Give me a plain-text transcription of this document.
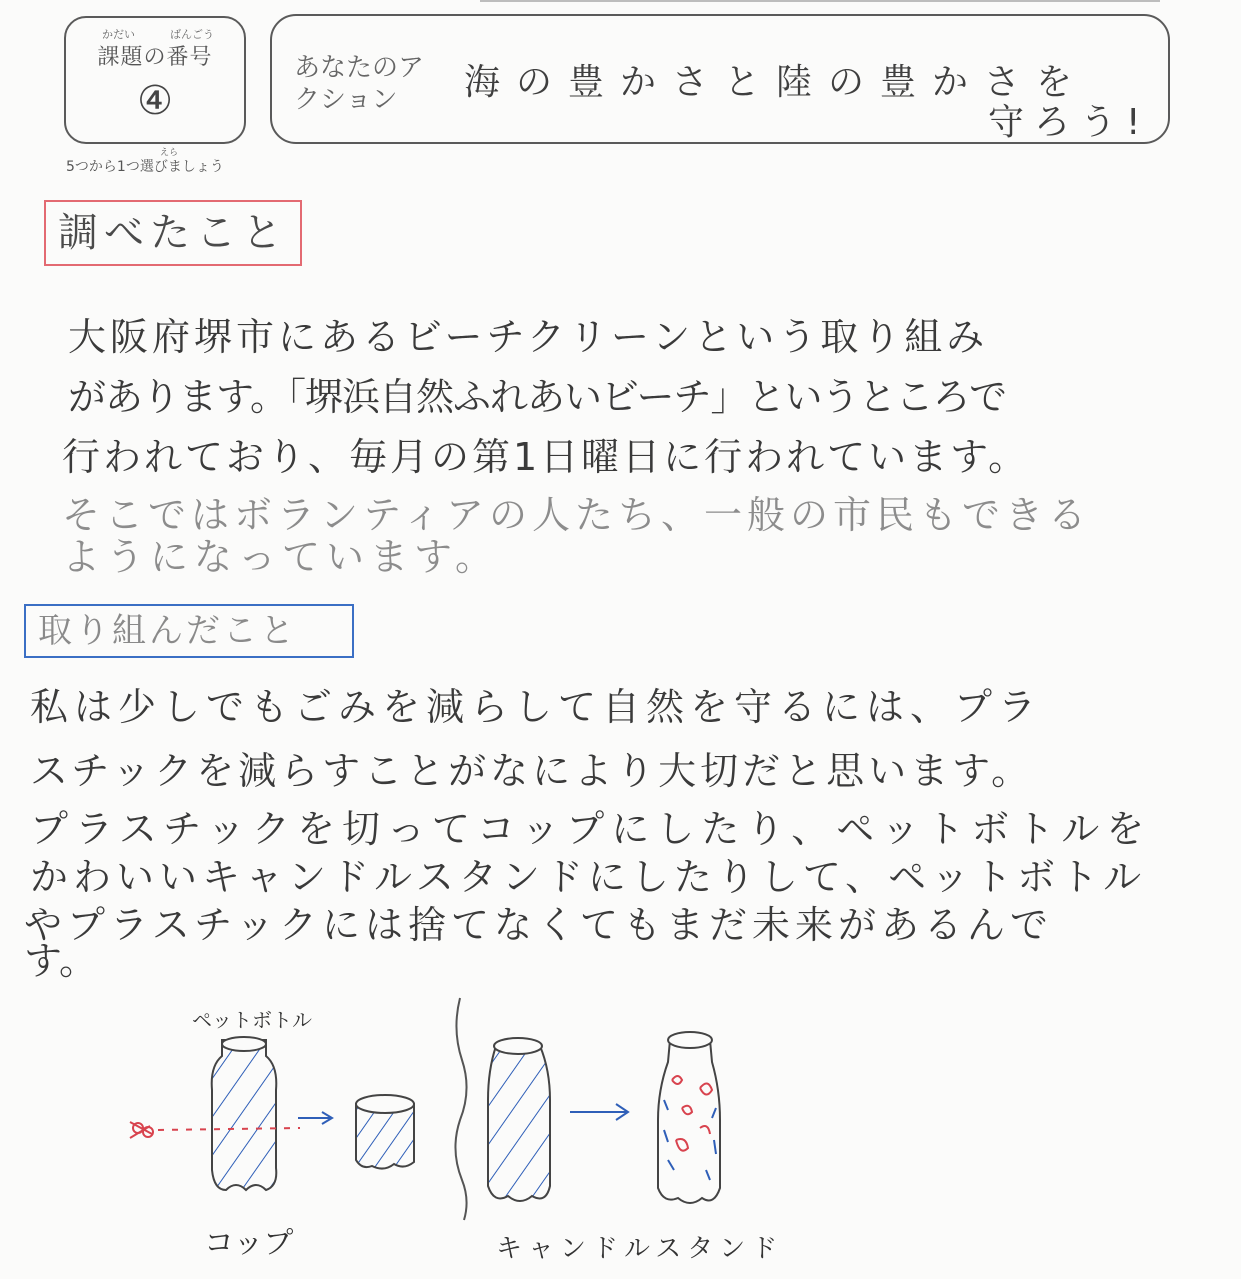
かだい	ばんごう
課題の番号
④
えら
5つから1つ選びましょう
あなたのアクション	海の豊かさと陸の豊かさを
守ろう!
調べたこと
大阪府堺市にあるビーチクリーンという取り組み
があります。「堺浜自然ふれあいビーチ」というところで
行われており、毎月の第1日曜日に行われています。
そこではボランティアの人たち、一般の市民もできる
ようになっています。
取り組んだこと
私は少しでもごみを減らして自然を守るには、プラ
スチックを減らすことがなにより大切だと思います。
プラスチックを切ってコップにしたり、ペットボトルを
かわいいキャンドルスタンドにしたりして、ペットボトル
やプラスチックには捨てなくてもまだ未来があるんで
す。
ペットボトル
コップ	キャンドルスタンド
